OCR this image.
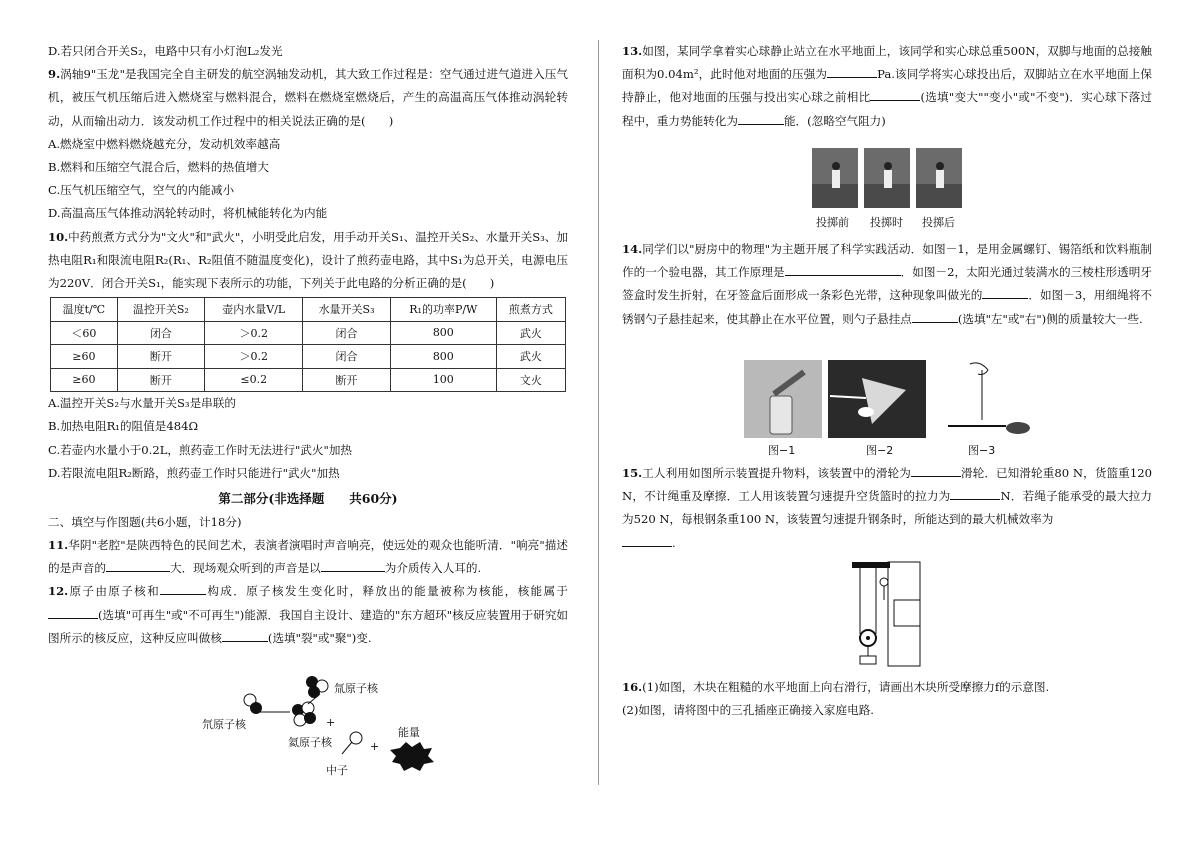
D.若只闭合开关S₂，电路中只有小灯泡L₂发光

9.涡轴9"玉龙"是我国完全自主研发的航空涡轴发动机，其大致工作过程是：空气通过进气道进入压气机，被压气机压缩后进入燃烧室与燃料混合，燃料在燃烧室燃烧后，产生的高温高压气体推动涡轮转动，从而输出动力．该发动机工作过程中的相关说法正确的是(　　)

A.燃烧室中燃料燃烧越充分，发动机效率越高

B.燃料和压缩空气混合后，燃料的热值增大

C.压气机压缩空气，空气的内能减小

D.高温高压气体推动涡轮转动时，将机械能转化为内能

10.中药煎煮方式分为"文火"和"武火"，小明受此启发，用手动开关S₁、温控开关S₂、水量开关S₃、加热电阻R₁和限流电阻R₂(R₁、R₂阻值不随温度变化)，设计了煎药壶电路，其中S₁为总开关，电源电压为220V．闭合开关S₁，能实现下表所示的功能，下列关于此电路的分析正确的是(　　)

温度t/℃	温控开关S₂	壶内水量V/L	水量开关S₃	R₁的功率P/W	煎煮方式
＜60	闭合	＞0.2	闭合	800	武火
≥60	断开	＞0.2	闭合	800	武火
≥60	断开	≤0.2	断开	100	文火

A.温控开关S₂与水量开关S₃是串联的

B.加热电阻R₁的阻值是484Ω

C.若壶内水量小于0.2L，煎药壶工作时无法进行"武火"加热

D.若限流电阻R₂断路，煎药壶工作时只能进行"武火"加热

第二部分(非选择题　　共60分)

二、填空与作图题(共6小题，计18分)

11.华阴"老腔"是陕西特色的民间艺术，表演者演唱时声音响亮，使远处的观众也能听清．"响亮"描述的是声音的	大．现场观众听到的声音是以	为介质传入人耳的.

12.原子由原子核和	构成．原子核发生变化时，释放出的能量被称为核能，核能属于(选填"可再生"或"不可再生")能源．我国自主设计、建造的"东方超环"核反应装置用于研究如图所示的核反应，这种反应叫做核	(选填"裂"或"聚")变.

氚原子核
氘原子核
氦原子核
+
+
能量
中子

13.如图，某同学拿着实心球静止站立在水平地面上，该同学和实心球总重500N，双脚与地面的总接触面积为0.04m²，此时他对地面的压强为	Pa.该同学将实心球投出后，双脚站立在水平地面上保持静止，他对地面的压强与投出实心球之前相比	(选填"变大""变小"或"不变")．实心球下落过程中，重力势能转化为	能．(忽略空气阻力)

投掷前 投掷时 投掷后

14.同学们以"厨房中的物理"为主题开展了科学实践活动．如图－1，是用金属螺钉、锡箔纸和饮料瓶制作的一个验电器，其工作原理是	．如图－2，太阳光通过装满水的三棱柱形透明牙签盒时发生折射，在牙签盒后面形成一条彩色光带，这种现象叫做光的	．如图－3，用细绳将不锈钢勺子悬挂起来，使其静止在水平位置，则勺子悬挂点	(选填"左"或"右")侧的质量较大一些.

图−1	图−2	图−3

15.工人利用如图所示装置提升物料，该装置中的滑轮为	滑轮．已知滑轮重80 N，货篮重120 N，不计绳重及摩擦．工人用该装置匀速提升空货篮时的拉力为	N．若绳子能承受的最大拉力为520 N，每根钢条重100 N，该装置匀速提升钢条时，所能达到的最大机械效率为
.

16.(1)如图，木块在粗糙的水平地面上向右滑行，请画出木块所受摩擦力f的示意图.

(2)如图，请将图中的三孔插座正确接入家庭电路.
